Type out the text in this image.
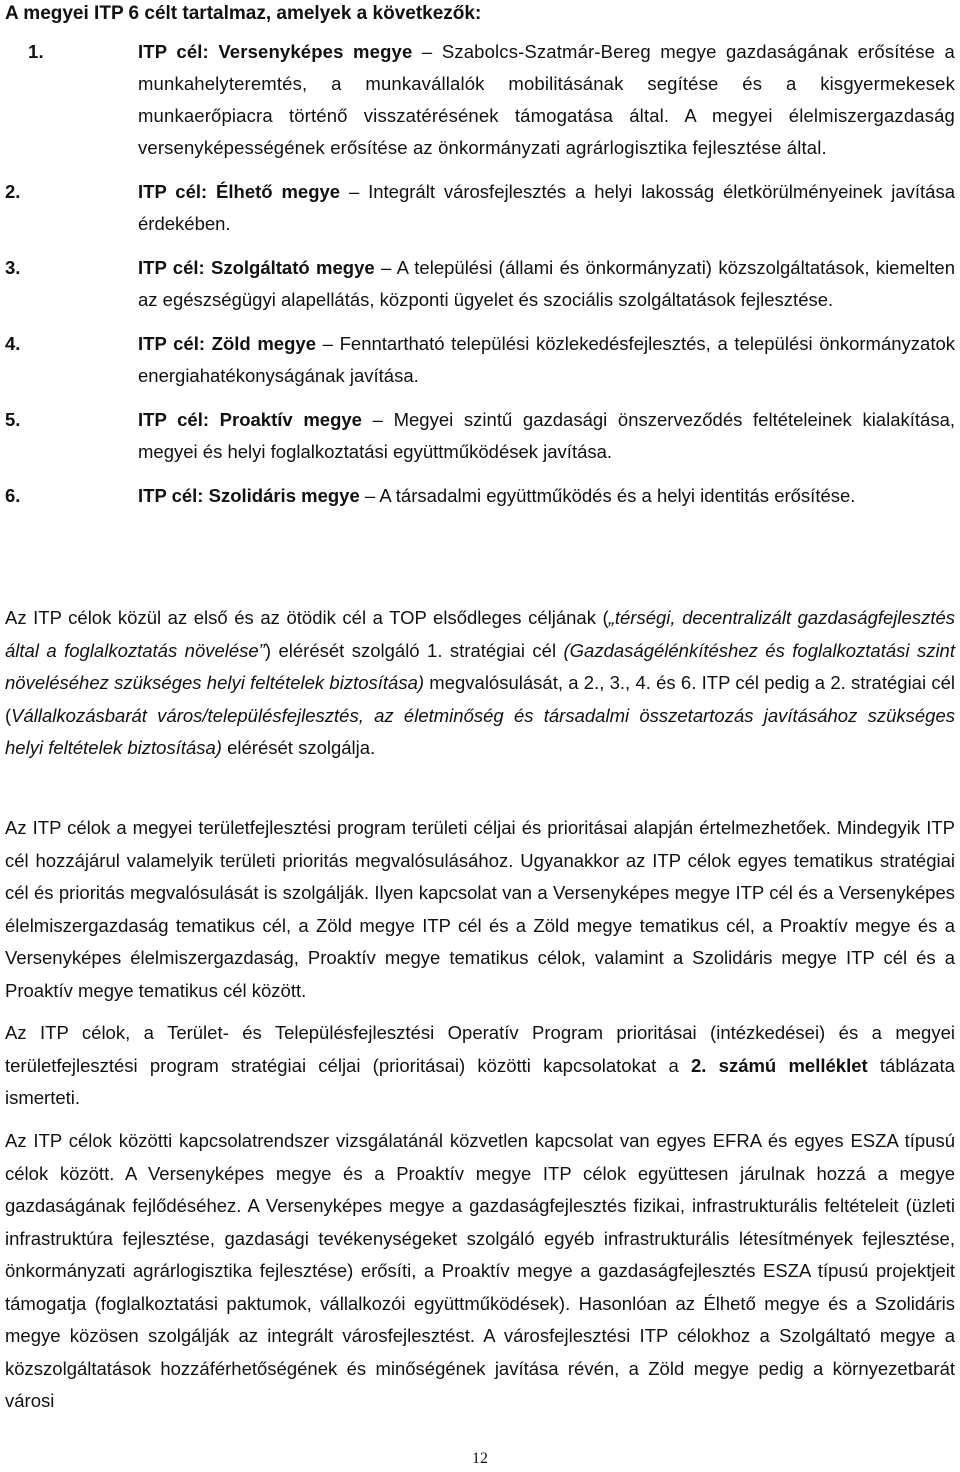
A megyei ITP 6 célt tartalmaz, amelyek a következők:

1.	ITP cél: Versenyképes megye – Szabolcs-Szatmár-Bereg megye gazdaságának erősítése a munkahelyteremtés, a munkavállalók mobilitásának segítése és a kisgyermekesek munkaerőpiacra történő visszatérésének támogatása által. A megyei élelmiszergazdaság versenyképességének erősítése az önkormányzati agrárlogisztika fejlesztése által.
2.	ITP cél: Élhető megye – Integrált városfejlesztés a helyi lakosság életkörülményeinek javítása érdekében.
3.	ITP cél: Szolgáltató megye – A települési (állami és önkormányzati) közszolgáltatások, kiemelten az egészségügyi alapellátás, központi ügyelet és szociális szolgáltatások fejlesztése.
4.	ITP cél: Zöld megye – Fenntartható települési közlekedésfejlesztés, a települési önkormányzatok energiahatékonyságának javítása.
5.	ITP cél: Proaktív megye – Megyei szintű gazdasági önszerveződés feltételeinek kialakítása, megyei és helyi foglalkoztatási együttműködések javítása.
6.	ITP cél: Szolidáris megye – A társadalmi együttműködés és a helyi identitás erősítése.

Az ITP célok közül az első és az ötödik cél a TOP elsődleges céljának („térségi, decentralizált gazdaságfejlesztés által a foglalkoztatás növelése”) elérését szolgáló 1. stratégiai cél (Gazdaságélénkítéshez és foglalkoztatási szint növeléséhez szükséges helyi feltételek biztosítása) megvalósulását, a 2., 3., 4. és 6. ITP cél pedig a 2. stratégiai cél (Vállalkozásbarát város/településfejlesztés, az életminőség és társadalmi összetartozás javításához szükséges helyi feltételek biztosítása) elérését szolgálja.

Az ITP célok a megyei területfejlesztési program területi céljai és prioritásai alapján értelmezhetőek. Mindegyik ITP cél hozzájárul valamelyik területi prioritás megvalósulásához. Ugyanakkor az ITP célok egyes tematikus stratégiai cél és prioritás megvalósulását is szolgálják. Ilyen kapcsolat van a Versenyképes megye ITP cél és a Versenyképes élelmiszergazdaság tematikus cél, a Zöld megye ITP cél és a Zöld megye tematikus cél, a Proaktív megye és a Versenyképes élelmiszergazdaság, Proaktív megye tematikus célok, valamint a Szolidáris megye ITP cél és a Proaktív megye tematikus cél között.

Az ITP célok, a Terület- és Településfejlesztési Operatív Program prioritásai (intézkedései) és a megyei területfejlesztési program stratégiai céljai (prioritásai) közötti kapcsolatokat a 2. számú melléklet táblázata ismerteti.

Az ITP célok közötti kapcsolatrendszer vizsgálatánál közvetlen kapcsolat van egyes EFRA és egyes ESZA típusú célok között. A Versenyképes megye és a Proaktív megye ITP célok együttesen járulnak hozzá a megye gazdaságának fejlődéséhez. A Versenyképes megye a gazdaságfejlesztés fizikai, infrastrukturális feltételeit (üzleti infrastruktúra fejlesztése, gazdasági tevékenységeket szolgáló egyéb infrastrukturális létesítmények fejlesztése, önkormányzati agrárlogisztika fejlesztése) erősíti, a Proaktív megye a gazdaságfejlesztés ESZA típusú projektjeit támogatja (foglalkoztatási paktumok, vállalkozói együttműködések). Hasonlóan az Élhető megye és a Szolidáris megye közösen szolgálják az integrált városfejlesztést. A városfejlesztési ITP célokhoz a Szolgáltató megye a közszolgáltatások hozzáférhetőségének és minőségének javítása révén, a Zöld megye pedig a környezetbarát városi

12
